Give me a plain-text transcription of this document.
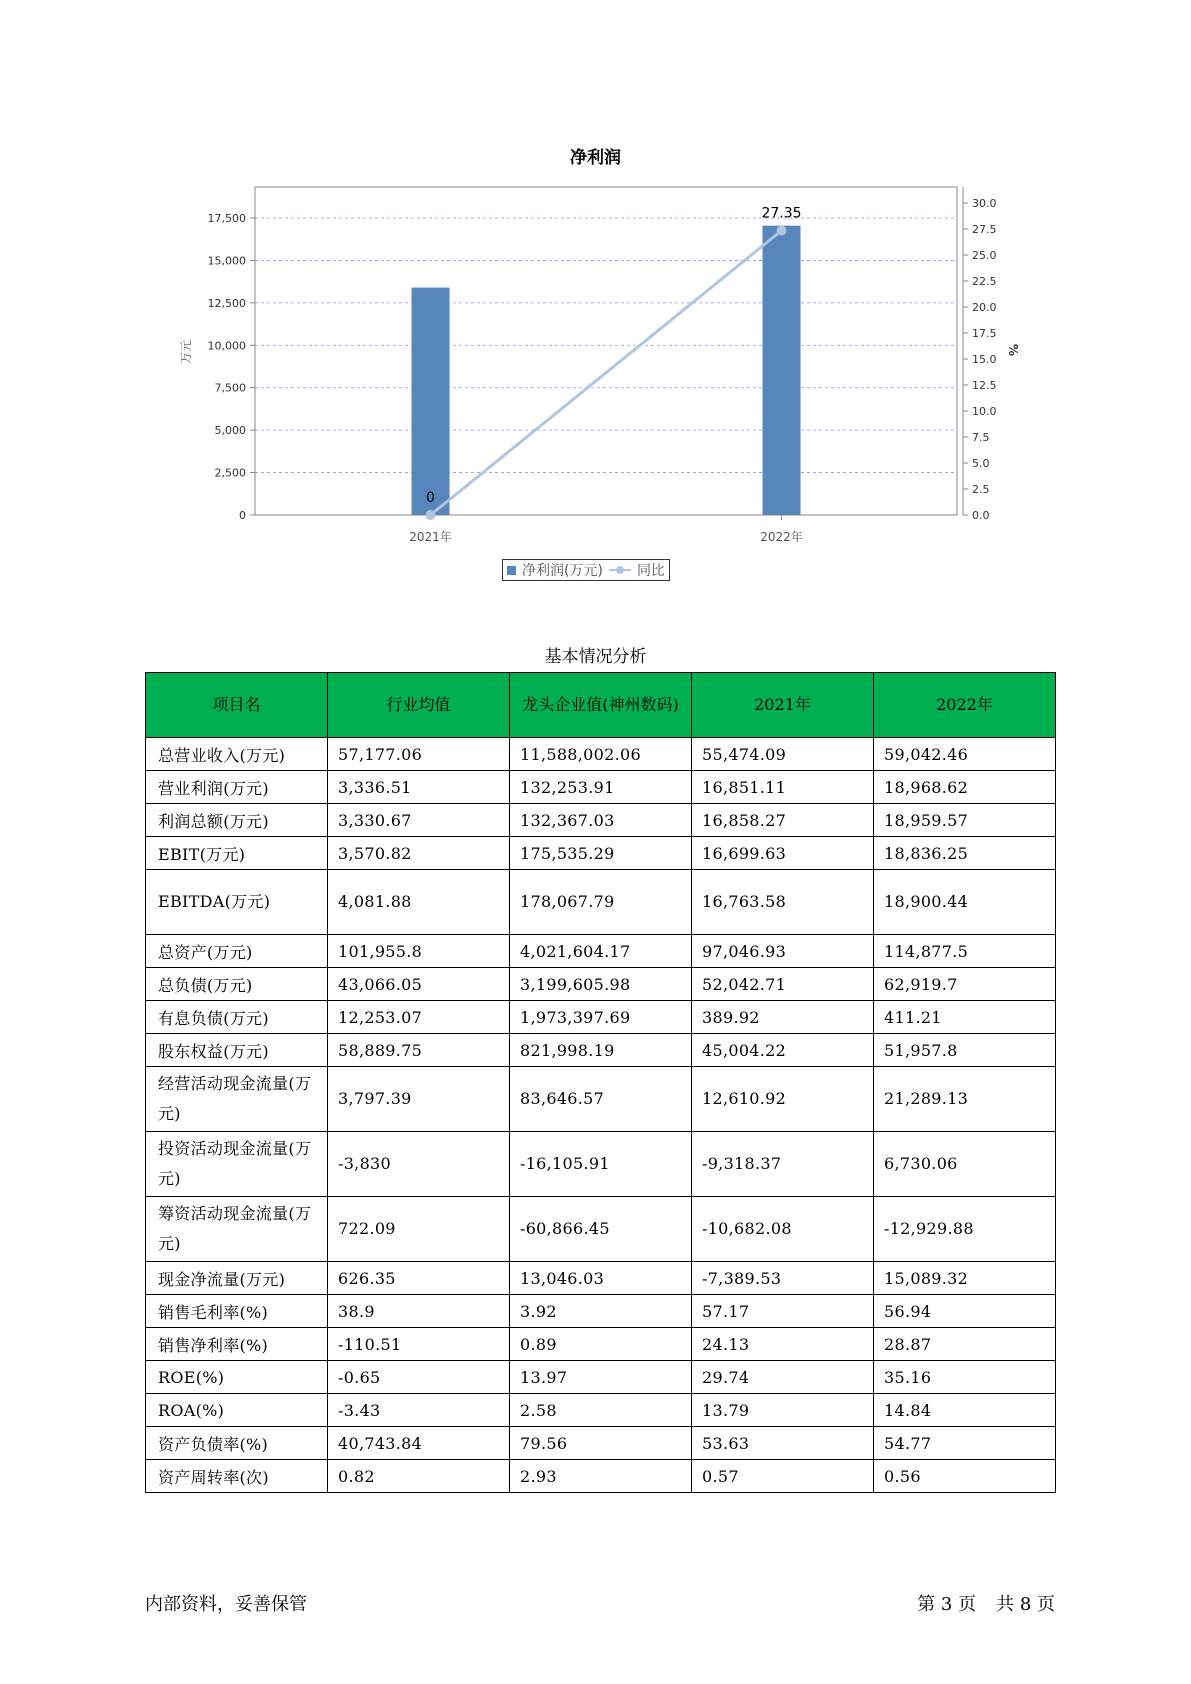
净利润
0
2,500
5,000
7,500
10,000
12,500
15,000
17,500
0.0
2.5
5.0
7.5
10.0
12.5
15.0
17.5
20.0
22.5
25.0
27.5
30.0
万元	%
2021年	2022年
0
27.35
净利润(万元) 同比
基本情况分析
项目名	行业均值	龙头企业值(神州数码)	2021年	2022年
总营业收入(万元)	57,177.06	11,588,002.06	55,474.09	59,042.46
营业利润(万元)	3,336.51	132,253.91	16,851.11	18,968.62
利润总额(万元)	3,330.67	132,367.03	16,858.27	18,959.57
EBIT(万元)	3,570.82	175,535.29	16,699.63	18,836.25
EBITDA(万元)	4,081.88	178,067.79	16,763.58	18,900.44
总资产(万元)	101,955.8	4,021,604.17	97,046.93	114,877.5
总负债(万元)	43,066.05	3,199,605.98	52,042.71	62,919.7
有息负债(万元)	12,253.07	1,973,397.69	389.92	411.21
股东权益(万元)	58,889.75	821,998.19	45,004.22	51,957.8
经营活动现金流量(万元)	3,797.39	83,646.57	12,610.92	21,289.13
投资活动现金流量(万元)	-3,830	-16,105.91	-9,318.37	6,730.06
筹资活动现金流量(万元)	722.09	-60,866.45	-10,682.08	-12,929.88
现金净流量(万元)	626.35	13,046.03	-7,389.53	15,089.32
销售毛利率(%)	38.9	3.92	57.17	56.94
销售净利率(%)	-110.51	0.89	24.13	28.87
ROE(%)	-0.65	13.97	29.74	35.16
ROA(%)	-3.43	2.58	13.79	14.84
资产负债率(%)	40,743.84	79.56	53.63	54.77
资产周转率(次)	0.82	2.93	0.57	0.56
内部资料，妥善保管	第 3 页 共 8 页
